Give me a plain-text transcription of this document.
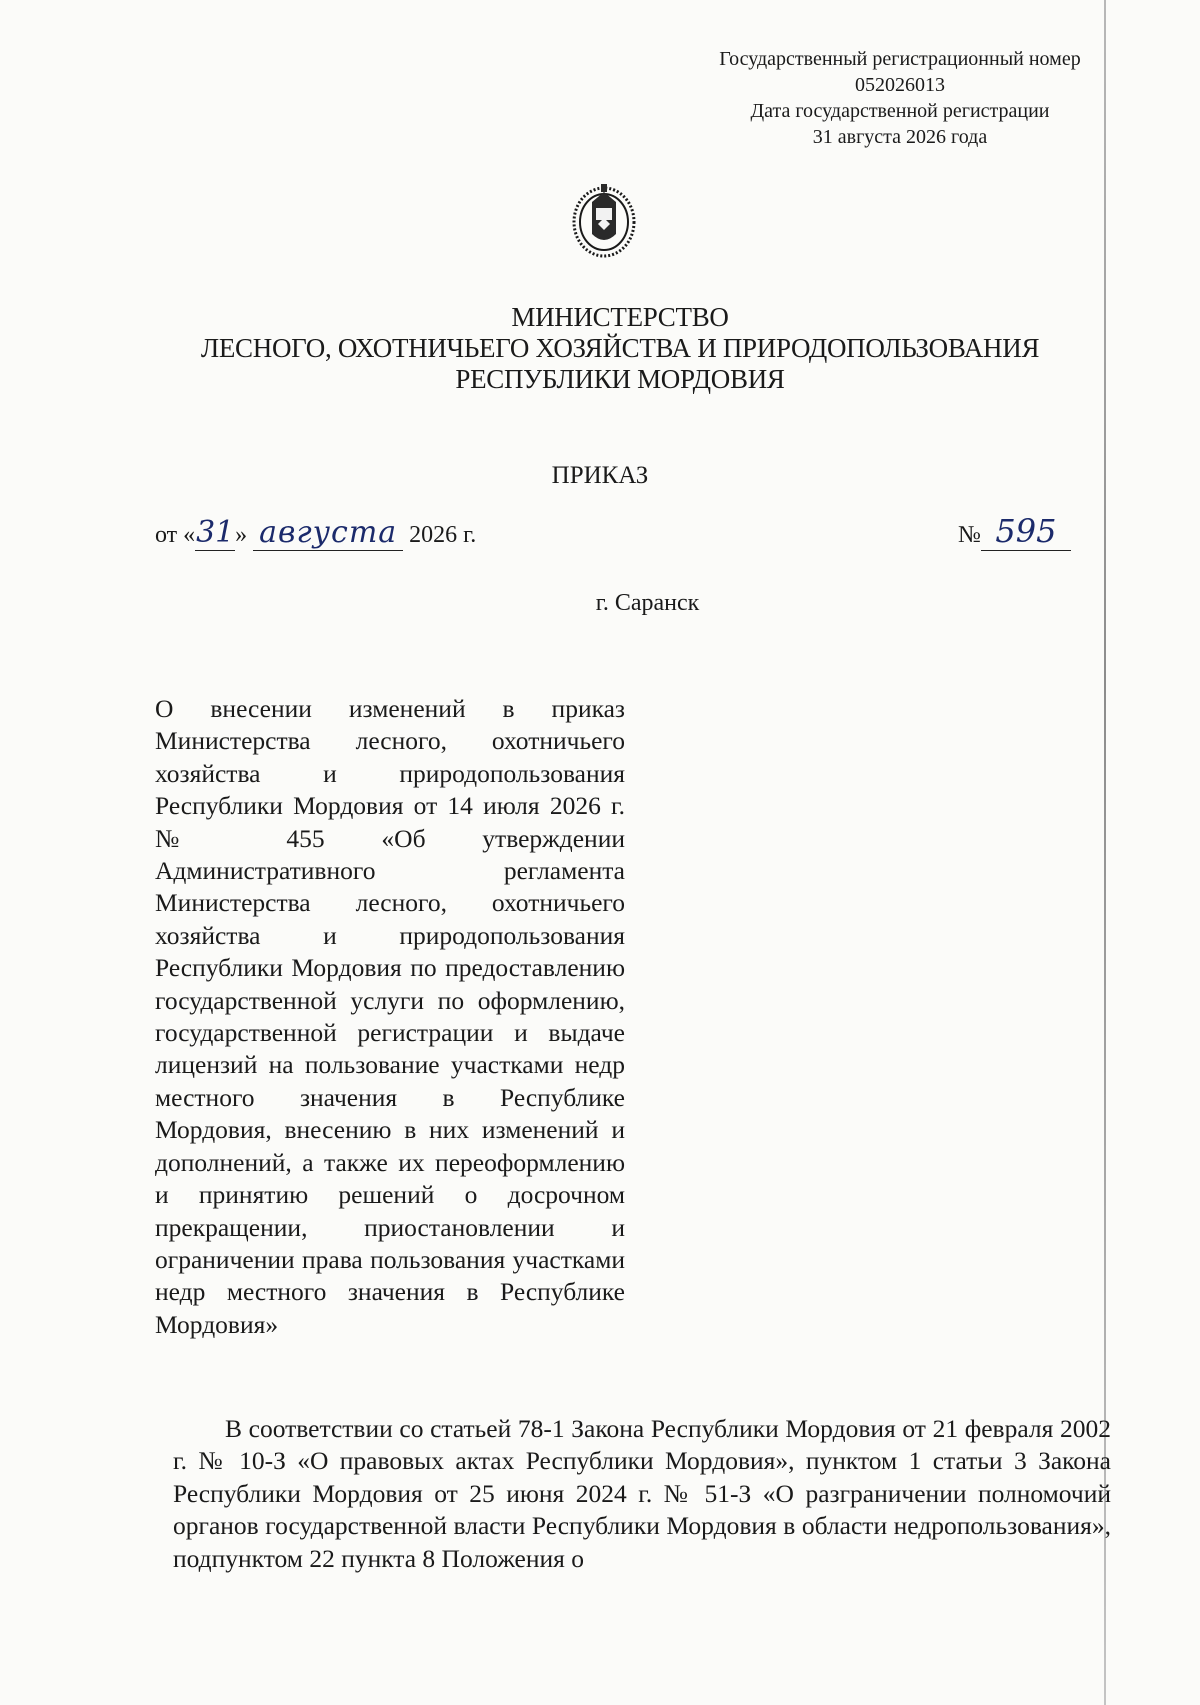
Государственный регистрационный номер
052026013
Дата государственной регистрации
31 августа 2026 года
МИНИСТЕРСТВО
ЛЕСНОГО, ОХОТНИЧЬЕГО ХОЗЯЙСТВА И ПРИРОДОПОЛЬЗОВАНИЯ
РЕСПУБЛИКИ МОРДОВИЯ
ПРИКАЗ
от «31» августа 2026 г.	№ 595
г. Саранск
О внесении изменений в приказ Министерства лесного, охотничьего хозяйства и природопользования Республики Мордовия от 14 июля 2026 г. № 455 «Об утверждении Административного регламента Министерства лесного, охотничьего хозяйства и природопользования Республики Мордовия по предоставлению государственной услуги по оформлению, государственной регистрации и выдаче лицензий на пользование участками недр местного значения в Республике Мордовия, внесению в них изменений и дополнений, а также их переоформлению и принятию решений о досрочном прекращении, приостановлении и ограничении права пользования участками недр местного значения в Республике Мордовия»
В соответствии со статьей 78-1 Закона Республики Мордовия от 21 февраля 2002 г. № 10-З «О правовых актах Республики Мордовия», пунктом 1 статьи 3 Закона Республики Мордовия от 25 июня 2024 г. № 51-З «О разграничении полномочий органов государственной власти Республики Мордовия в области недропользования», подпунктом 22 пункта 8 Положения о
